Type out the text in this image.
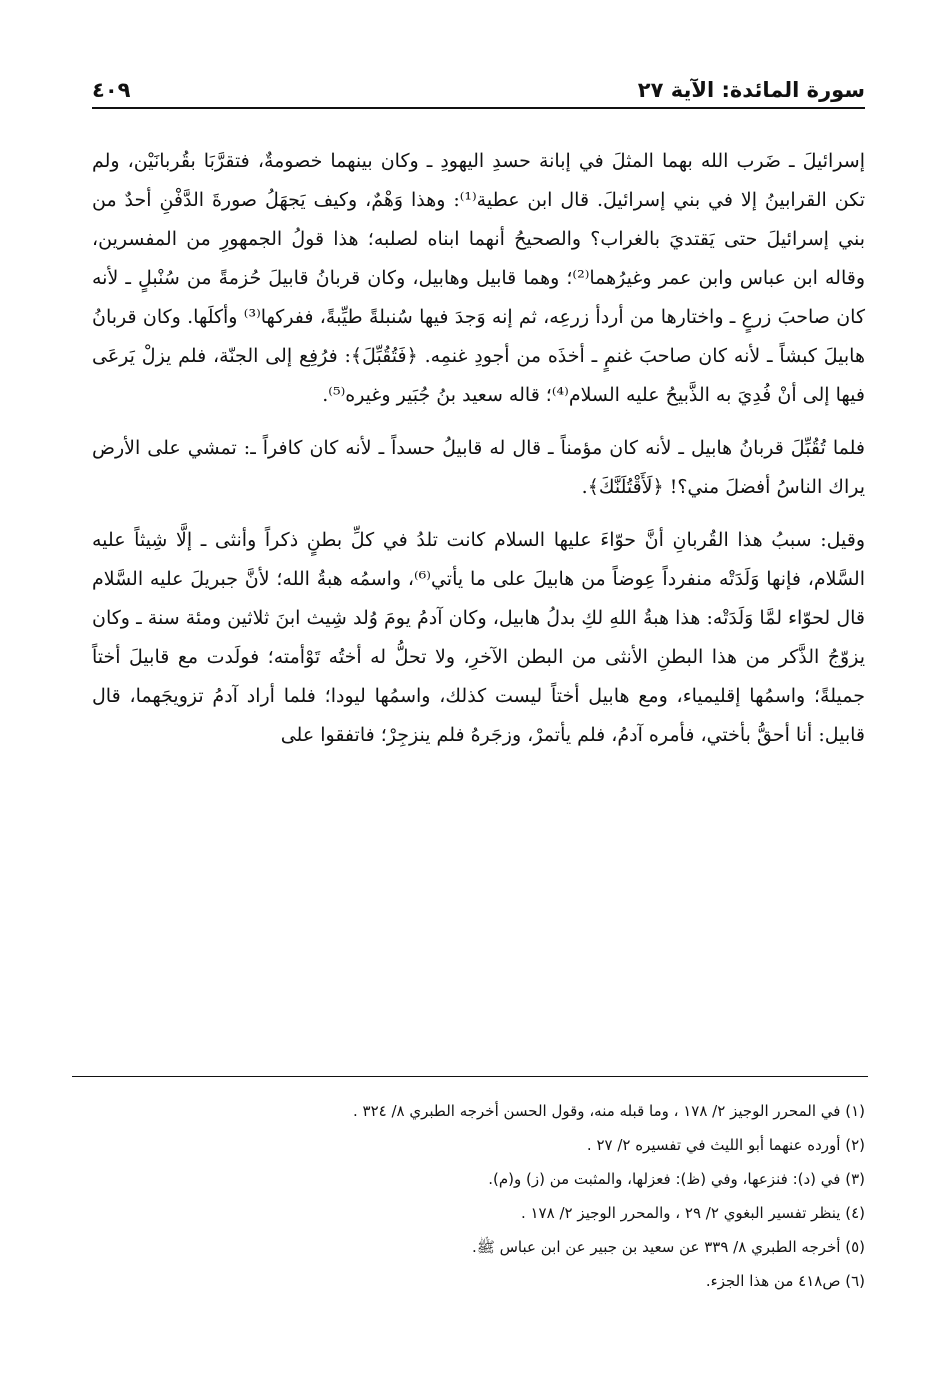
سورة المائدة: الآية ٢٧
٤٠٩

إسرائيلَ ـ ضَرب الله بهما المثلَ في إبانة حسدِ اليهودِ ـ وكان بينهما خصومةٌ، فتقرَّبَا بقُربانَيْن، ولم تكن القرابينُ إلا في بني إسرائيلَ. قال ابن عطية⁽¹⁾: وهذا وَهْمٌ، وكيف يَجهَلُ صورةَ الدَّفْنِ أحدٌ من بني إسرائيلَ حتى يَقتديَ بالغراب؟ والصحيحُ أنهما ابناه لصلبه؛ هذا قولُ الجمهورِ من المفسرين، وقاله ابن عباس وابن عمر وغيرُهما⁽²⁾؛ وهما قابيل وهابيل، وكان قربانُ قابيلَ حُزمةً من سُنْبلٍ ـ لأنه كان صاحبَ زرعٍ ـ واختارها من أردأ زرعِه، ثم إنه وَجدَ فيها سُنبلةً طيِّبةً، ففركها⁽³⁾ وأكلَها. وكان قربانُ هابيلَ كبشاً ـ لأنه كان صاحبَ غنمٍ ـ أخذَه من أجودِ غنمِه. ﴿فَتُقُبِّلَ﴾: فرُفِع إلى الجنّة، فلم يزلْ يَرعَى فيها إلى أنْ فُدِيَ به الذَّبيحُ عليه السلام⁽⁴⁾؛ قاله سعيد بنُ جُبَير وغيره⁽⁵⁾.

فلما تُقُبِّلَ قربانُ هابيل ـ لأنه كان مؤمناً ـ قال له قابيلُ حسداً ـ لأنه كان كافراً ـ: تمشي على الأرض يراك الناسُ أفضلَ مني؟! ﴿لَأَقْتُلَنَّكَ﴾.

وقيل: سببُ هذا القُربانِ أنَّ حوّاءَ عليها السلام كانت تلدُ في كلِّ بطنٍ ذكراً وأنثى ـ إلَّا شِيثاً عليه السَّلام، فإنها وَلَدَتْه منفرداً عِوضاً من هابيلَ على ما يأتي⁽⁶⁾، واسمُه هبةُ الله؛ لأنَّ جبريلَ عليه السَّلام قال لحوّاء لمَّا وَلَدَتْه: هذا هبةُ اللهِ لكِ بدلُ هابيل، وكان آدمُ يومَ وُلد شِيث ابنَ ثلاثين ومئة سنة ـ وكان يزوّجُ الذَّكر من هذا البطنِ الأنثى من البطن الآخرِ، ولا تحلُّ له أختُه تَوْأمته؛ فولَدت مع قابيلَ أختاً جميلةً؛ واسمُها إقليمياء، ومع هابيل أختاً ليست كذلك، واسمُها ليودا؛ فلما أراد آدمُ تزويجَهما، قال قابيل: أنا أحقُّ بأختي، فأمره آدمُ، فلم يأتمرْ، وزجَرهُ فلم ينزجِرْ؛ فاتفقوا على

(١) في المحرر الوجيز ٢/ ١٧٨ ، وما قبله منه، وقول الحسن أخرجه الطبري ٨/ ٣٢٤ .
(٢) أورده عنهما أبو الليث في تفسيره ٢/ ٢٧ .
(٣) في (د): فنزعها، وفي (ظ): فعزلها، والمثبت من (ز) و(م).
(٤) ينظر تفسير البغوي ٢/ ٢٩ ، والمحرر الوجيز ٢/ ١٧٨ .
(٥) أخرجه الطبري ٨/ ٣٣٩ عن سعيد بن جبير عن ابن عباس ﷺ.
(٦) ص٤١٨ من هذا الجزء.
